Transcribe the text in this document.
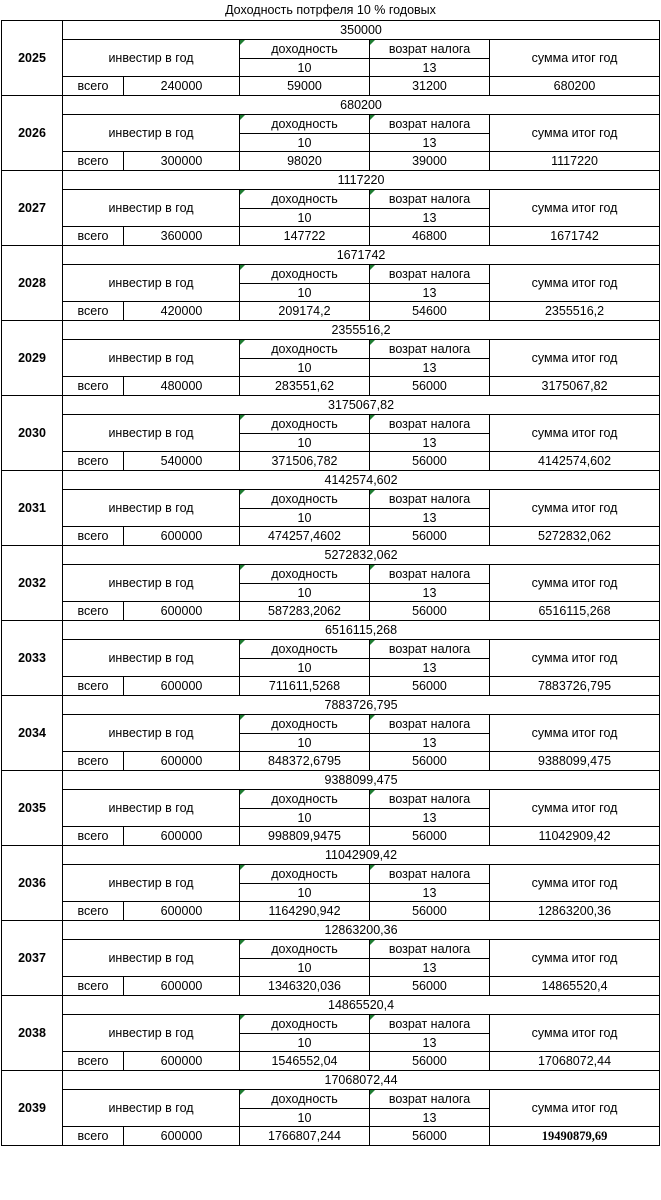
Доходность потрфеля 10 % годовых
2025	350000				
	инвестир в год		доходность	возрат налога	сумма итог год
			10	13	
	всего	240000	59000	31200	680200
2026	680200				
	инвестир в год		доходность	возрат налога	сумма итог год
			10	13	
	всего	300000	98020	39000	1117220
2027	1117220				
	инвестир в год		доходность	возрат налога	сумма итог год
			10	13	
	всего	360000	147722	46800	1671742
2028	1671742				
	инвестир в год		доходность	возрат налога	сумма итог год
			10	13	
	всего	420000	209174,2	54600	2355516,2
2029	2355516,2				
	инвестир в год		доходность	возрат налога	сумма итог год
			10	13	
	всего	480000	283551,62	56000	3175067,82
2030	3175067,82				
	инвестир в год		доходность	возрат налога	сумма итог год
			10	13	
	всего	540000	371506,782	56000	4142574,602
2031	4142574,602				
	инвестир в год		доходность	возрат налога	сумма итог год
			10	13	
	всего	600000	474257,4602	56000	5272832,062
2032	5272832,062				
	инвестир в год		доходность	возрат налога	сумма итог год
			10	13	
	всего	600000	587283,2062	56000	6516115,268
2033	6516115,268				
	инвестир в год		доходность	возрат налога	сумма итог год
			10	13	
	всего	600000	711611,5268	56000	7883726,795
2034	7883726,795				
	инвестир в год		доходность	возрат налога	сумма итог год
			10	13	
	всего	600000	848372,6795	56000	9388099,475
2035	9388099,475				
	инвестир в год		доходность	возрат налога	сумма итог год
			10	13	
	всего	600000	998809,9475	56000	11042909,42
2036	11042909,42				
	инвестир в год		доходность	возрат налога	сумма итог год
			10	13	
	всего	600000	1164290,942	56000	12863200,36
2037	12863200,36				
	инвестир в год		доходность	возрат налога	сумма итог год
			10	13	
	всего	600000	1346320,036	56000	14865520,4
2038	14865520,4				
	инвестир в год		доходность	возрат налога	сумма итог год
			10	13	
	всего	600000	1546552,04	56000	17068072,44
2039	17068072,44				
	инвестир в год		доходность	возрат налога	сумма итог год
			10	13	
	всего	600000	1766807,244	56000	19490879,69
